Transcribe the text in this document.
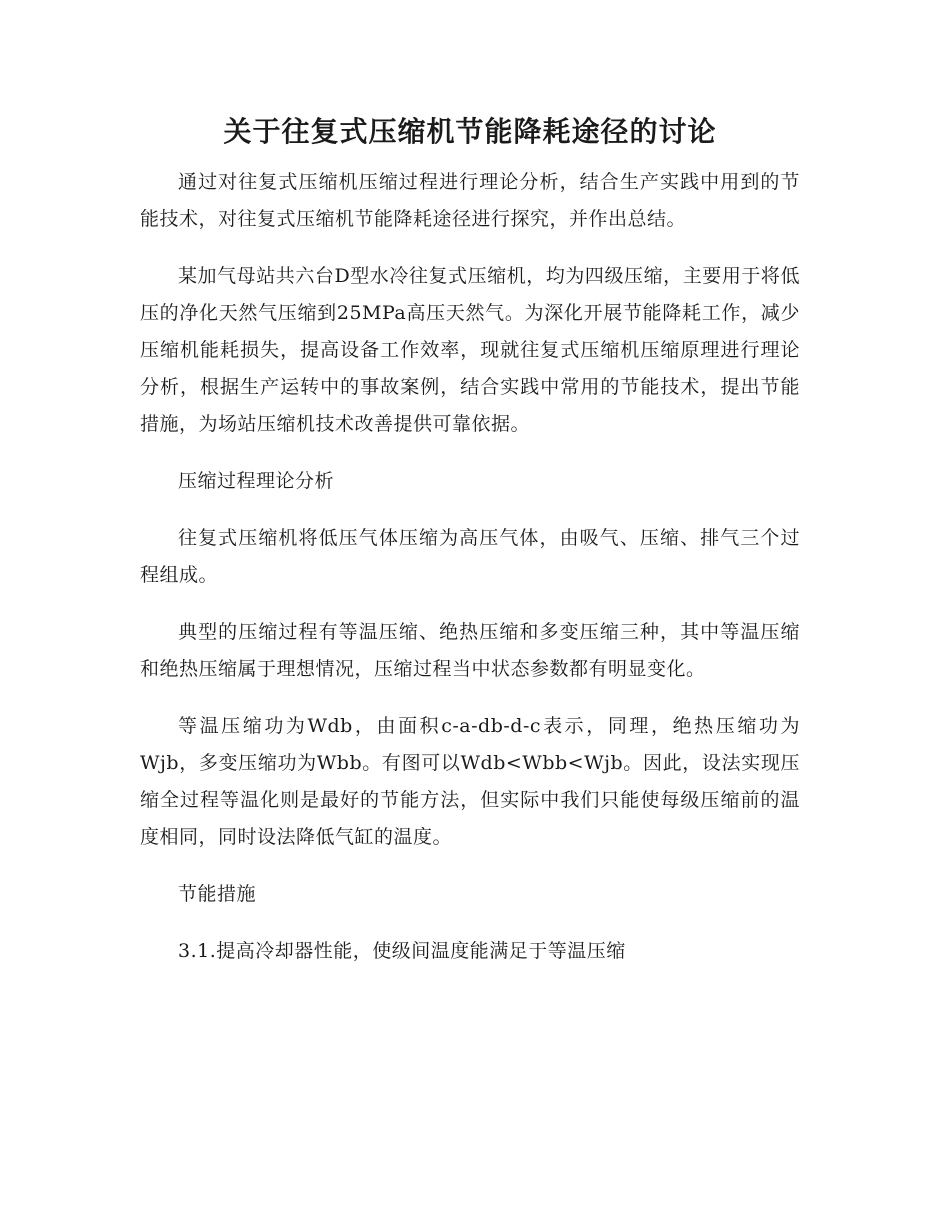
关于往复式压缩机节能降耗途径的讨论

通过对往复式压缩机压缩过程进行理论分析，结合生产实践中用到的节能技术，对往复式压缩机节能降耗途径进行探究，并作出总结。

某加气母站共六台D型水冷往复式压缩机，均为四级压缩，主要用于将低压的净化天然气压缩到25MPa高压天然气。为深化开展节能降耗工作，减少压缩机能耗损失，提高设备工作效率，现就往复式压缩机压缩原理进行理论分析，根据生产运转中的事故案例，结合实践中常用的节能技术，提出节能措施，为场站压缩机技术改善提供可靠依据。

压缩过程理论分析

往复式压缩机将低压气体压缩为高压气体，由吸气、压缩、排气三个过程组成。

典型的压缩过程有等温压缩、绝热压缩和多变压缩三种，其中等温压缩和绝热压缩属于理想情况，压缩过程当中状态参数都有明显变化。

等温压缩功为Wdb，由面积c-a-db-d-c表示，同理，绝热压缩功为Wjb，多变压缩功为Wbb。有图可以Wdb<Wbb<Wjb。因此，设法实现压缩全过程等温化则是最好的节能方法，但实际中我们只能使每级压缩前的温度相同，同时设法降低气缸的温度。

节能措施

3.1.提高冷却器性能，使级间温度能满足于等温压缩
